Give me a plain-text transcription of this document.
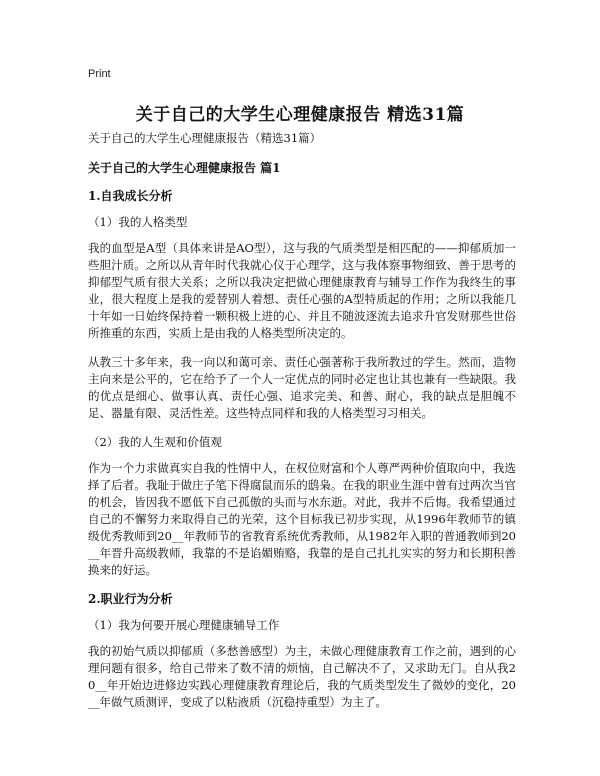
Print
关于自己的大学生心理健康报告 精选31篇
关于自己的大学生心理健康报告（精选31篇）
关于自己的大学生心理健康报告 篇1
1.自我成长分析
（1）我的人格类型
我的血型是A型（具体来讲是AO型），这与我的气质类型是相匹配的——抑郁质加一些胆汁质。之所以从青年时代我就心仪于心理学，这与我体察事物细致、善于思考的抑郁型气质有很大关系；之所以我决定把做心理健康教育与辅导工作作为我终生的事业，很大程度上是我的爱替别人着想、责任心强的A型特质起的作用；之所以我能几十年如一日始终保持着一颗积极上进的心、并且不随波逐流去追求升官发财那些世俗所推重的东西，实质上是由我的人格类型所决定的。
从教三十多年来，我一向以和蔼可亲、责任心强著称于我所教过的学生。然而，造物主向来是公平的，它在给予了一个人一定优点的同时必定也让其也兼有一些缺限。我的优点是细心、做事认真、责任心强、追求完美、和善、耐心，我的缺点是胆魄不足、器量有限、灵活性差。这些特点同样和我的人格类型习习相关。
（2）我的人生观和价值观
作为一个力求做真实自我的性情中人，在权位财富和个人尊严两种价值取向中，我选择了后者。我耻于做庄子笔下得腐鼠而乐的鸱枭。在我的职业生涯中曾有过两次当官的机会，皆因我不愿低下自己孤傲的头而与水东逝。对此，我并不后悔。我希望通过自己的不懈努力来取得自己的光荣，这个目标我已初步实现，从1996年教师节的镇级优秀教师到20__年教师节的省教育系统优秀教师，从1982年入职的普通教师到20__年晋升高级教师，我靠的不是谄媚贿赂，我靠的是自己扎扎实实的努力和长期积善换来的好运。
2.职业行为分析
（1）我为何要开展心理健康辅导工作
我的初始气质以抑郁质（多愁善感型）为主，未做心理健康教育工作之前，遇到的心理问题有很多，给自己带来了数不清的烦恼，自己解决不了，又求助无门。自从我20__年开始边进修边实践心理健康教育理论后，我的气质类型发生了微妙的变化，20__年做气质测评，变成了以粘液质（沉稳持重型）为主了。
